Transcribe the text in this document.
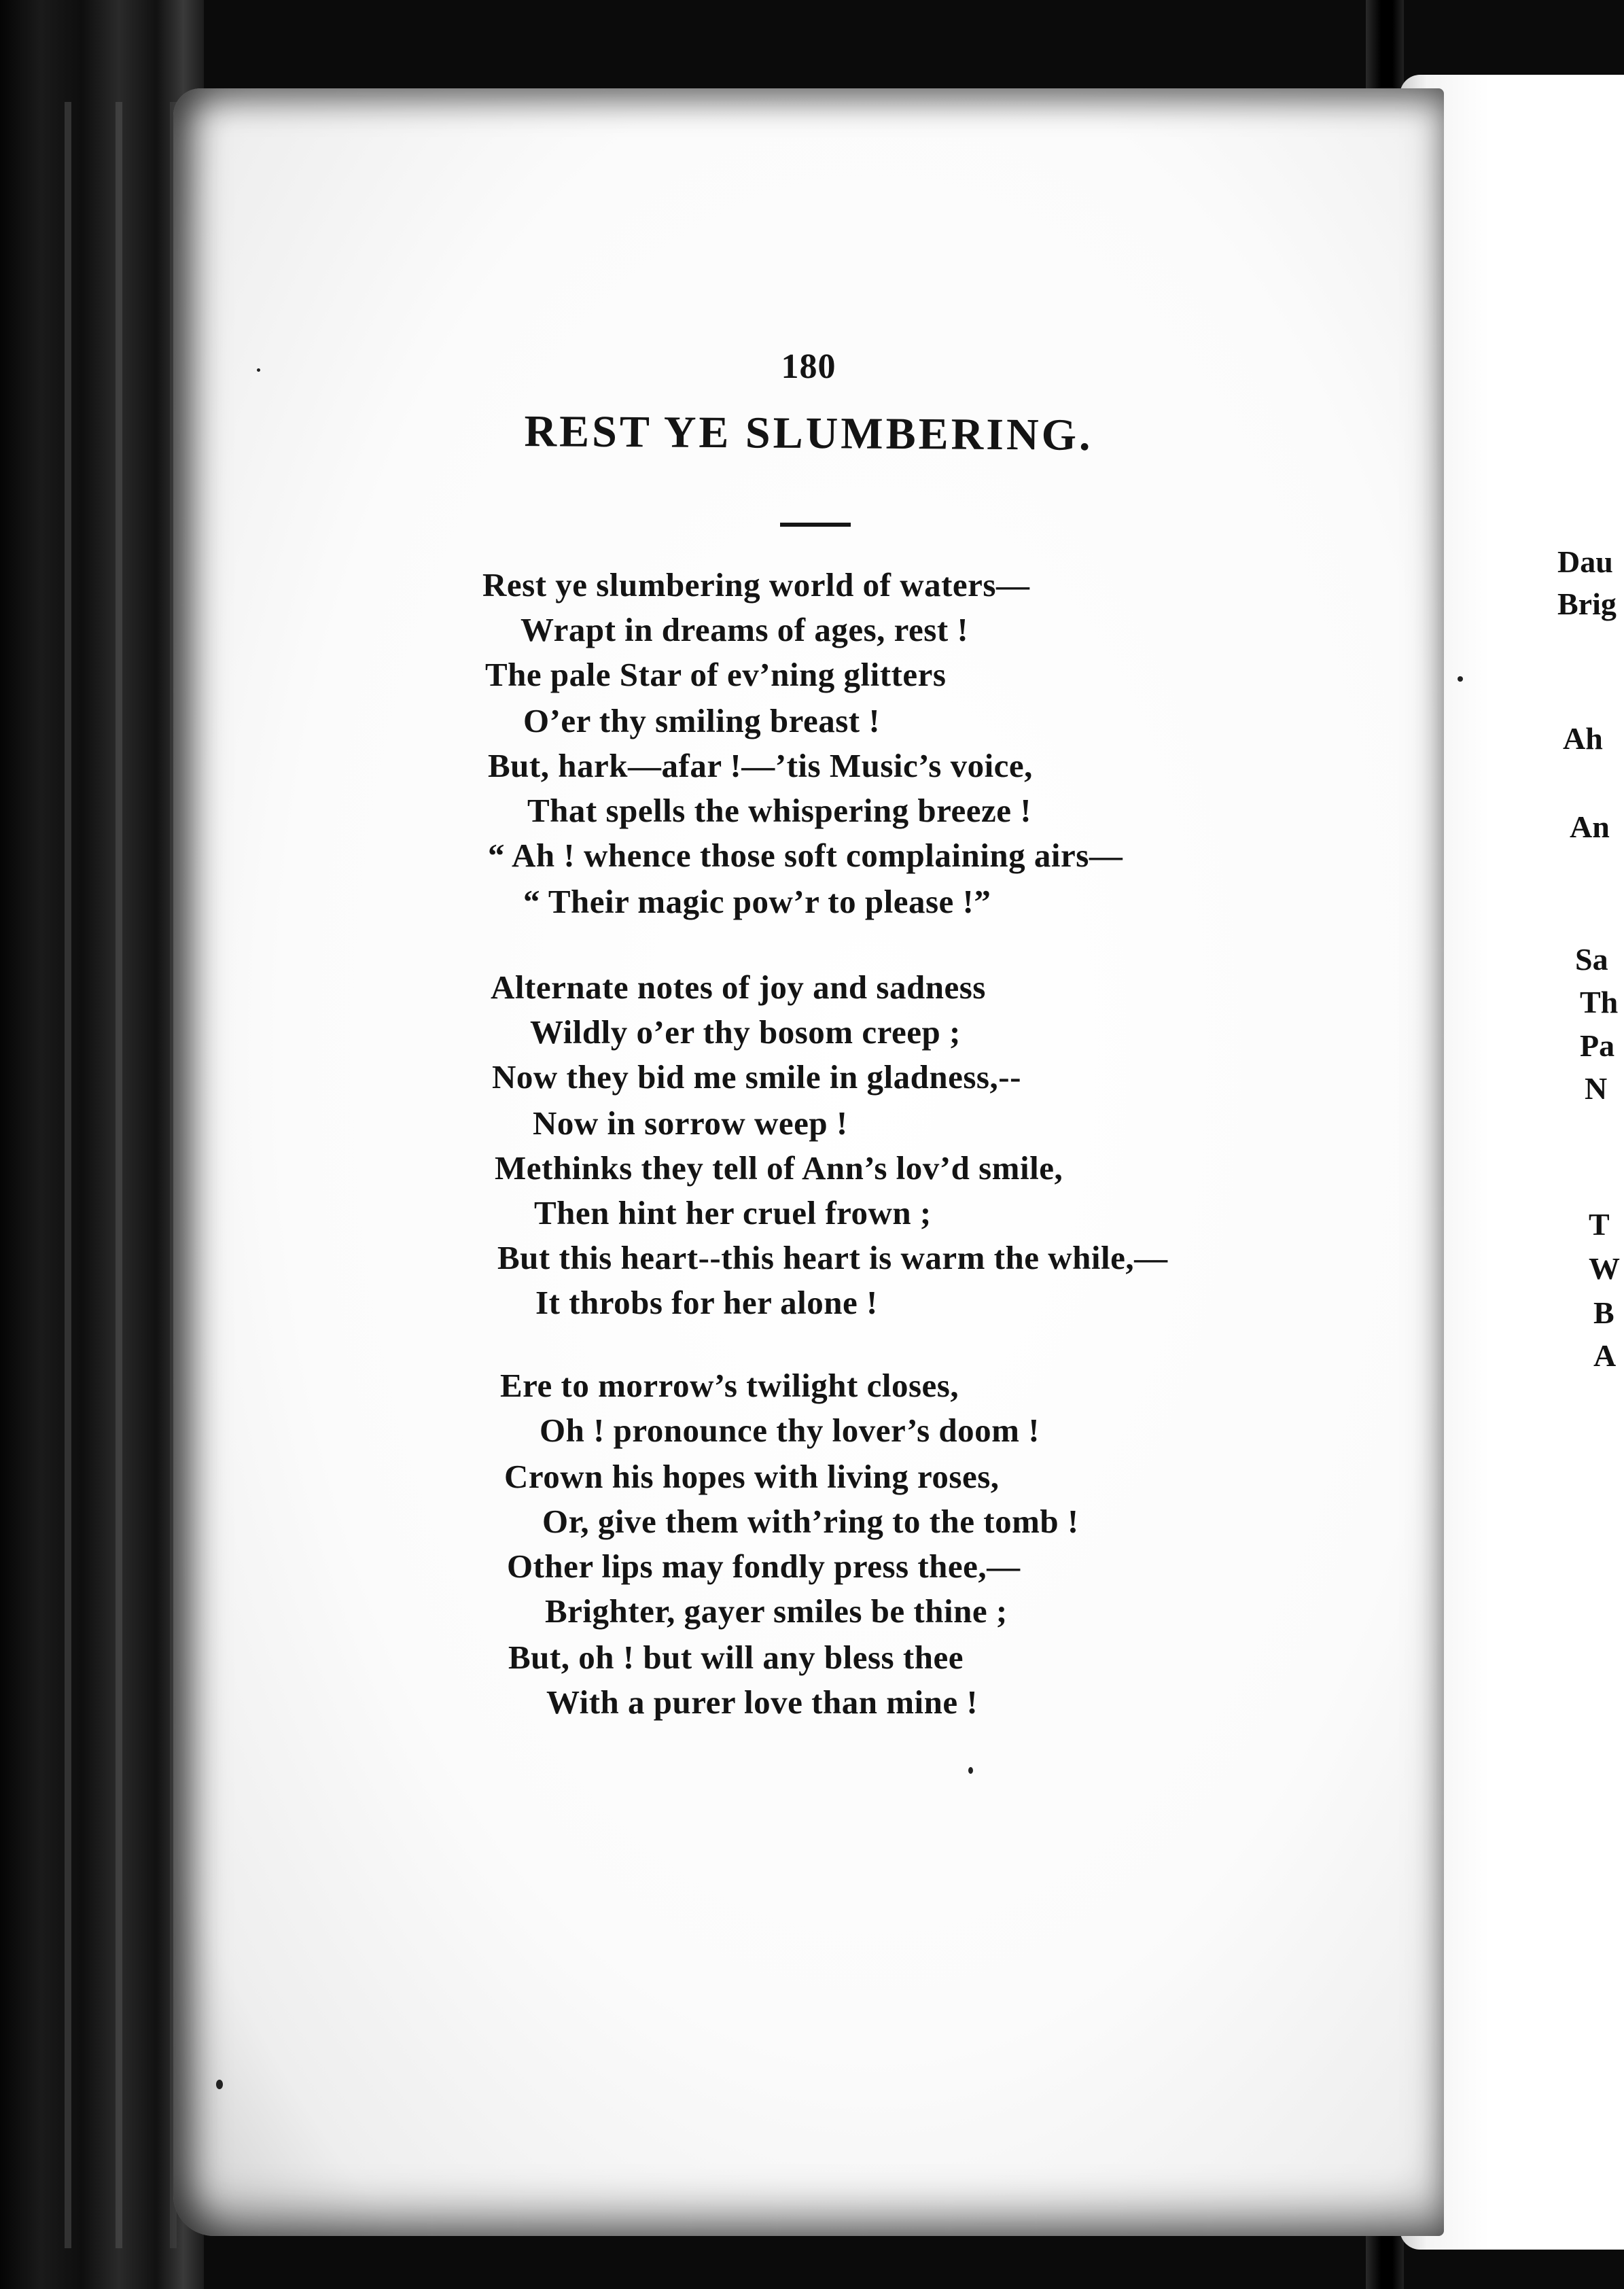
Dau
Brig
Ah
An
Sa
Th
Pa
N
T
W
B
A
180
REST YE SLUMBERING.
Rest ye slumbering world of waters—
Wrapt in dreams of ages, rest !
The pale Star of ev’ning glitters
O’er thy smiling breast !
But, hark—afar !—’tis Music’s voice,
That spells the whispering breeze !
“ Ah ! whence those soft complaining airs—
“ Their magic pow’r to please !”
Alternate notes of joy and sadness
Wildly o’er thy bosom creep ;
Now they bid me smile in gladness,--
Now in sorrow weep !
Methinks they tell of Ann’s lov’d smile,
Then hint her cruel frown ;
But this heart--this heart is warm the while,—
It throbs for her alone !
Ere to morrow’s twilight closes,
Oh ! pronounce thy lover’s doom !
Crown his hopes with living roses,
Or, give them with’ring to the tomb !
Other lips may fondly press thee,—
Brighter, gayer smiles be thine ;
But, oh ! but will any bless thee
With a purer love than mine !
